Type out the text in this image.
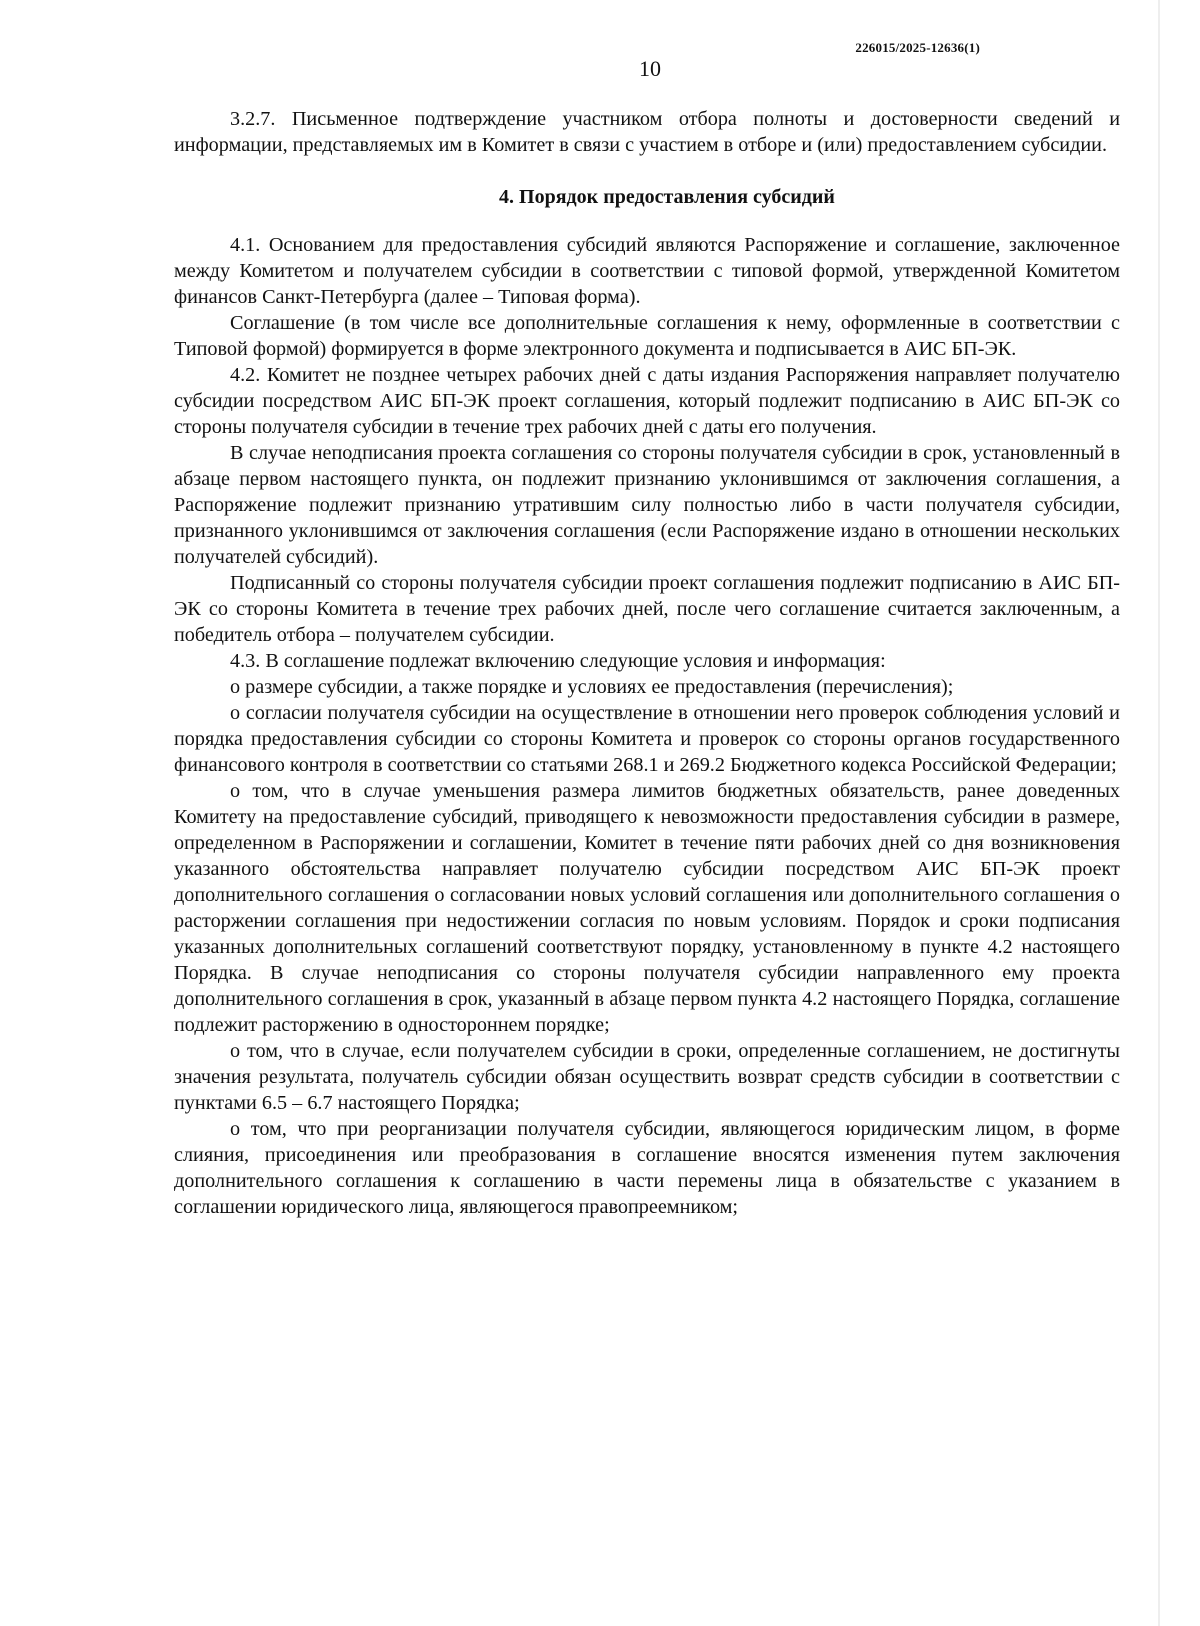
226015/2025-12636(1)
10

3.2.7. Письменное подтверждение участником отбора полноты и достоверности сведений и информации, представляемых им в Комитет в связи с участием в отборе и (или) предоставлением субсидии.

4. Порядок предоставления субсидий

4.1. Основанием для предоставления субсидий являются Распоряжение и соглашение, заключенное между Комитетом и получателем субсидии в соответствии с типовой формой, утвержденной Комитетом финансов Санкт-Петербурга (далее – Типовая форма).

Соглашение (в том числе все дополнительные соглашения к нему, оформленные в соответствии с Типовой формой) формируется в форме электронного документа и подписывается в АИС БП-ЭК.

4.2. Комитет не позднее четырех рабочих дней с даты издания Распоряжения направляет получателю субсидии посредством АИС БП-ЭК проект соглашения, который подлежит подписанию в АИС БП-ЭК со стороны получателя субсидии в течение трех рабочих дней с даты его получения.

В случае неподписания проекта соглашения со стороны получателя субсидии в срок, установленный в абзаце первом настоящего пункта, он подлежит признанию уклонившимся от заключения соглашения, а Распоряжение подлежит признанию утратившим силу полностью либо в части получателя субсидии, признанного уклонившимся от заключения соглашения (если Распоряжение издано в отношении нескольких получателей субсидий).

Подписанный со стороны получателя субсидии проект соглашения подлежит подписанию в АИС БП-ЭК со стороны Комитета в течение трех рабочих дней, после чего соглашение считается заключенным, а победитель отбора – получателем субсидии.

4.3. В соглашение подлежат включению следующие условия и информация:

о размере субсидии, а также порядке и условиях ее предоставления (перечисления);

о согласии получателя субсидии на осуществление в отношении него проверок соблюдения условий и порядка предоставления субсидии со стороны Комитета и проверок со стороны органов государственного финансового контроля в соответствии со статьями 268.1 и 269.2 Бюджетного кодекса Российской Федерации;

о том, что в случае уменьшения размера лимитов бюджетных обязательств, ранее доведенных Комитету на предоставление субсидий, приводящего к невозможности предоставления субсидии в размере, определенном в Распоряжении и соглашении, Комитет в течение пяти рабочих дней со дня возникновения указанного обстоятельства направляет получателю субсидии посредством АИС БП-ЭК проект дополнительного соглашения о согласовании новых условий соглашения или дополнительного соглашения о расторжении соглашения при недостижении согласия по новым условиям. Порядок и сроки подписания указанных дополнительных соглашений соответствуют порядку, установленному в пункте 4.2 настоящего Порядка. В случае неподписания со стороны получателя субсидии направленного ему проекта дополнительного соглашения в срок, указанный в абзаце первом пункта 4.2 настоящего Порядка, соглашение подлежит расторжению в одностороннем порядке;

о том, что в случае, если получателем субсидии в сроки, определенные соглашением, не достигнуты значения результата, получатель субсидии обязан осуществить возврат средств субсидии в соответствии с пунктами 6.5 – 6.7 настоящего Порядка;

о том, что при реорганизации получателя субсидии, являющегося юридическим лицом, в форме слияния, присоединения или преобразования в соглашение вносятся изменения путем заключения дополнительного соглашения к соглашению в части перемены лица в обязательстве с указанием в соглашении юридического лица, являющегося правопреемником;
